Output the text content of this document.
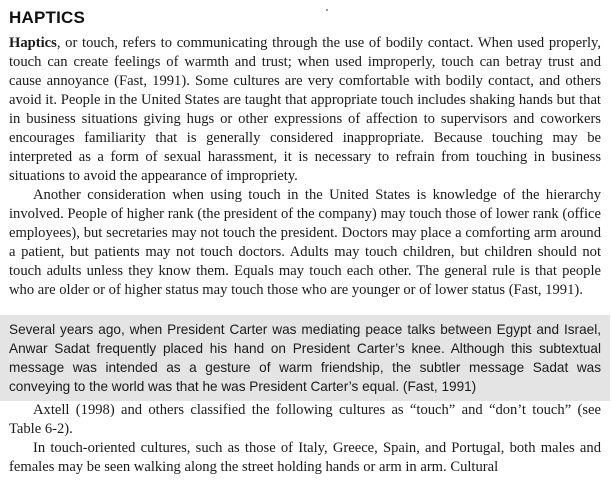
HAPTICS

Haptics, or touch, refers to communicating through the use of bodily contact. When used properly, touch can create feelings of warmth and trust; when used improperly, touch can betray trust and cause annoyance (Fast, 1991). Some cultures are very comfortable with bodily contact, and others avoid it. People in the United States are taught that appropriate touch includes shaking hands but that in business situations giving hugs or other expressions of affection to supervisors and coworkers encourages familiarity that is generally considered inappropriate. Because touching may be interpreted as a form of sexual harassment, it is necessary to refrain from touching in business situations to avoid the appearance of impropriety.

Another consideration when using touch in the United States is knowledge of the hierarchy involved. People of higher rank (the president of the company) may touch those of lower rank (office employees), but secretaries may not touch the president. Doctors may place a comforting arm around a patient, but patients may not touch doctors. Adults may touch children, but children should not touch adults unless they know them. Equals may touch each other. The general rule is that people who are older or of higher status may touch those who are younger or of lower status (Fast, 1991).

Several years ago, when President Carter was mediating peace talks between Egypt and Israel, Anwar Sadat frequently placed his hand on President Carter’s knee. Although this subtextual message was intended as a gesture of warm friendship, the subtler message Sadat was conveying to the world was that he was President Carter’s equal. (Fast, 1991)

Axtell (1998) and others classified the following cultures as “touch” and “don’t touch” (see Table 6-2).

In touch-oriented cultures, such as those of Italy, Greece, Spain, and Portugal, both males and females may be seen walking along the street holding hands or arm in arm. Cultural
